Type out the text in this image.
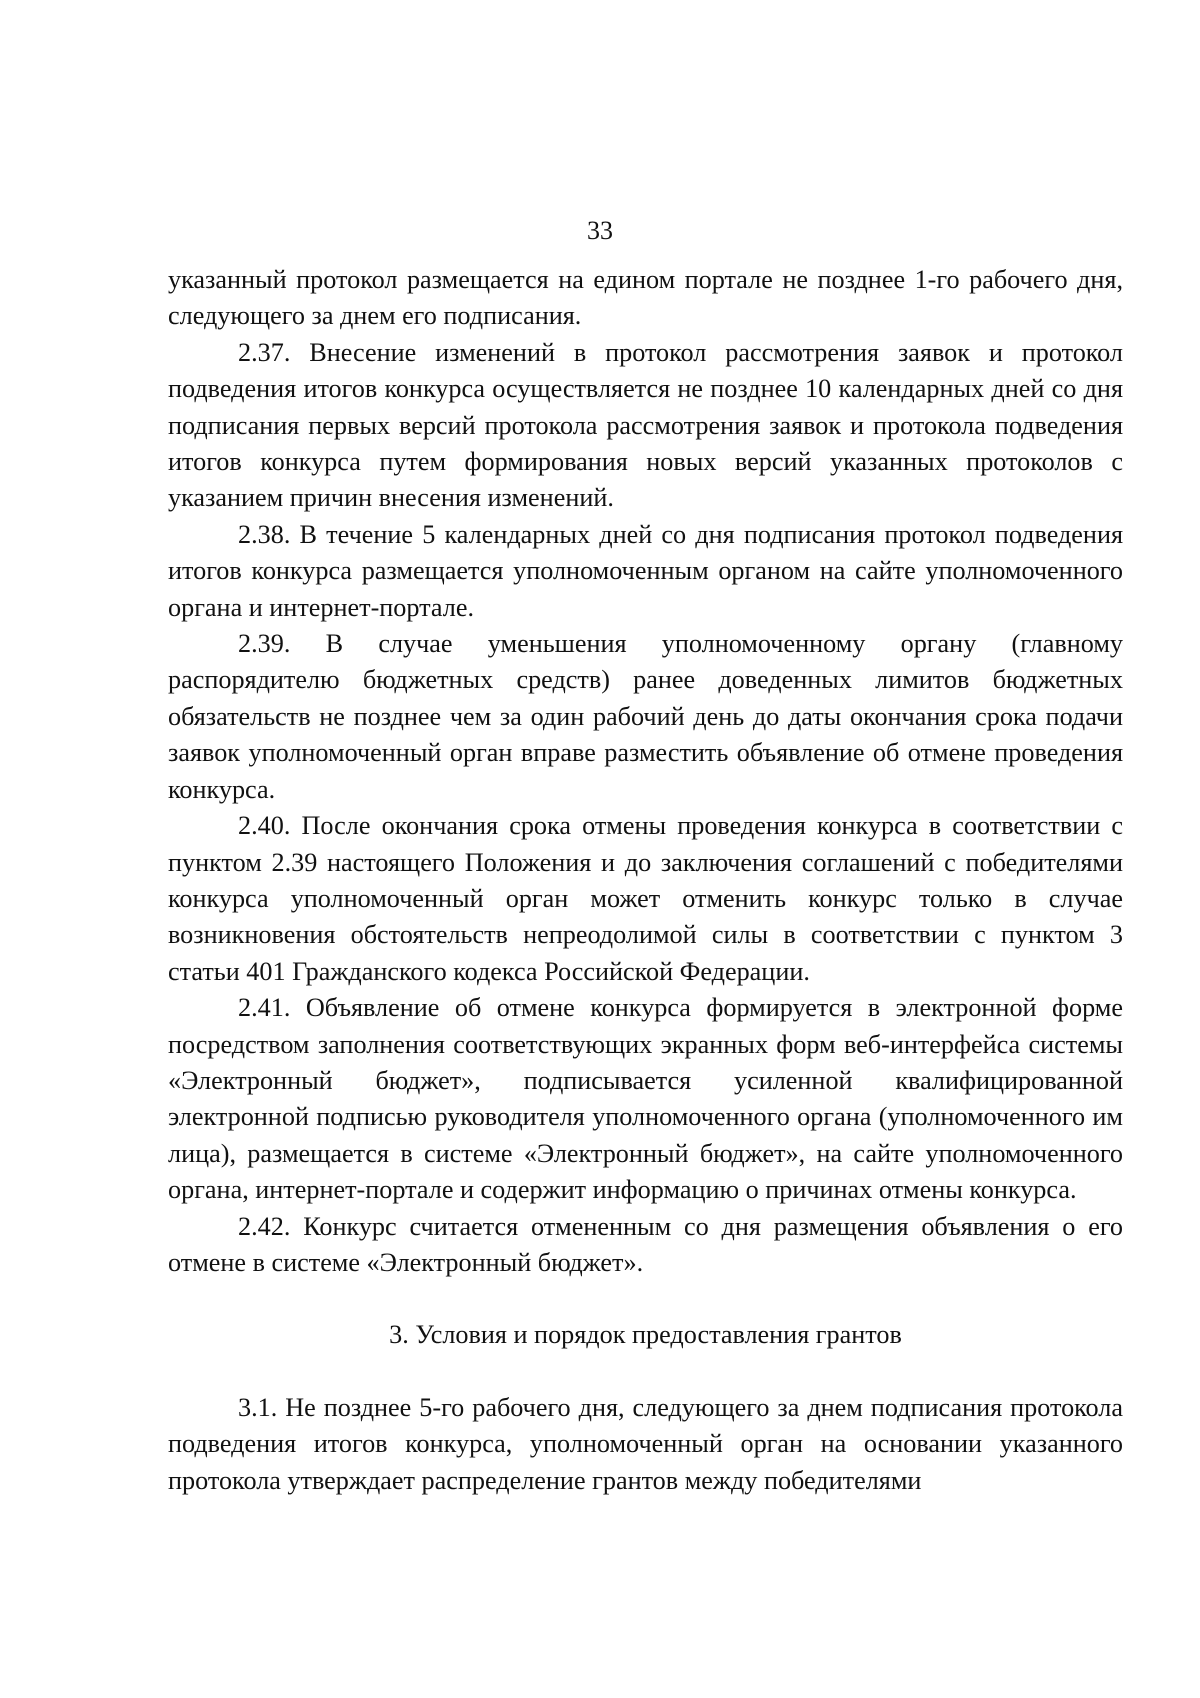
33

указанный протокол размещается на едином портале не позднее 1-го рабочего дня, следующего за днем его подписания.

2.37. Внесение изменений в протокол рассмотрения заявок и протокол подведения итогов конкурса осуществляется не позднее 10 календарных дней со дня подписания первых версий протокола рассмотрения заявок и протокола подведения итогов конкурса путем формирования новых версий указанных протоколов с указанием причин внесения изменений.

2.38. В течение 5 календарных дней со дня подписания протокол подведения итогов конкурса размещается уполномоченным органом на сайте уполномоченного органа и интернет-портале.

2.39. В случае уменьшения уполномоченному органу (главному распорядителю бюджетных средств) ранее доведенных лимитов бюджетных обязательств не позднее чем за один рабочий день до даты окончания срока подачи заявок уполномоченный орган вправе разместить объявление об отмене проведения конкурса.

2.40. После окончания срока отмены проведения конкурса в соответствии с пунктом 2.39 настоящего Положения и до заключения соглашений с победителями конкурса уполномоченный орган может отменить конкурс только в случае возникновения обстоятельств непреодолимой силы в соответствии с пунктом 3 статьи 401 Гражданского кодекса Российской Федерации.

2.41. Объявление об отмене конкурса формируется в электронной форме посредством заполнения соответствующих экранных форм веб-интерфейса системы «Электронный бюджет», подписывается усиленной квалифицированной электронной подписью руководителя уполномоченного органа (уполномоченного им лица), размещается в системе «Электронный бюджет», на сайте уполномоченного органа, интернет-портале и содержит информацию о причинах отмены конкурса.

2.42. Конкурс считается отмененным со дня размещения объявления о его отмене в системе «Электронный бюджет».

3. Условия и порядок предоставления грантов

3.1. Не позднее 5-го рабочего дня, следующего за днем подписания протокола подведения итогов конкурса, уполномоченный орган на основании указанного протокола утверждает распределение грантов между победителями
